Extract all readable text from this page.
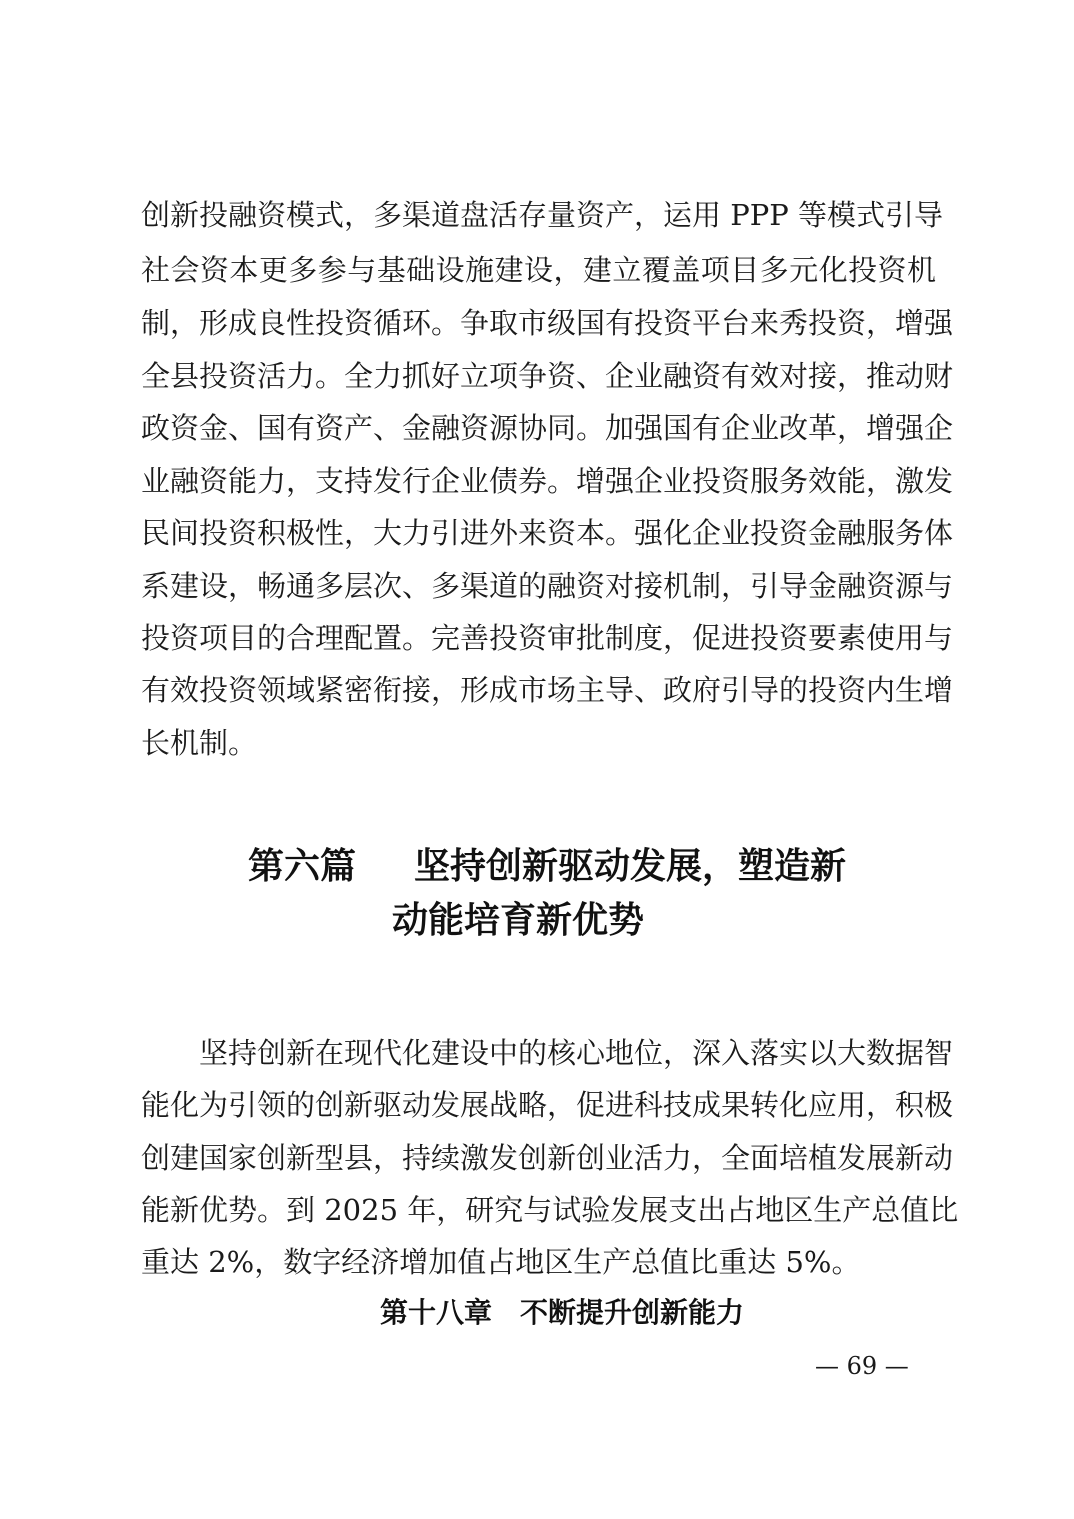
创新投融资模式，多渠道盘活存量资产，运用 PPP 等模式引导
社会资本更多参与基础设施建设，建立覆盖项目多元化投资机
制，形成良性投资循环。争取市级国有投资平台来秀投资，增强
全县投资活力。全力抓好立项争资、企业融资有效对接，推动财
政资金、国有资产、金融资源协同。加强国有企业改革，增强企
业融资能力，支持发行企业债券。增强企业投资服务效能，激发
民间投资积极性，大力引进外来资本。强化企业投资金融服务体
系建设，畅通多层次、多渠道的融资对接机制，引导金融资源与
投资项目的合理配置。完善投资审批制度，促进投资要素使用与
有效投资领域紧密衔接，形成市场主导、政府引导的投资内生增
长机制。
第六篇 坚持创新驱动发展，塑造新
动能培育新优势
坚持创新在现代化建设中的核心地位，深入落实以大数据智
能化为引领的创新驱动发展战略，促进科技成果转化应用，积极
创建国家创新型县，持续激发创新创业活力，全面培植发展新动
能新优势。到 2025 年，研究与试验发展支出占地区生产总值比
重达 2%，数字经济增加值占地区生产总值比重达 5%。
第十八章 不断提升创新能力
— 69 —
